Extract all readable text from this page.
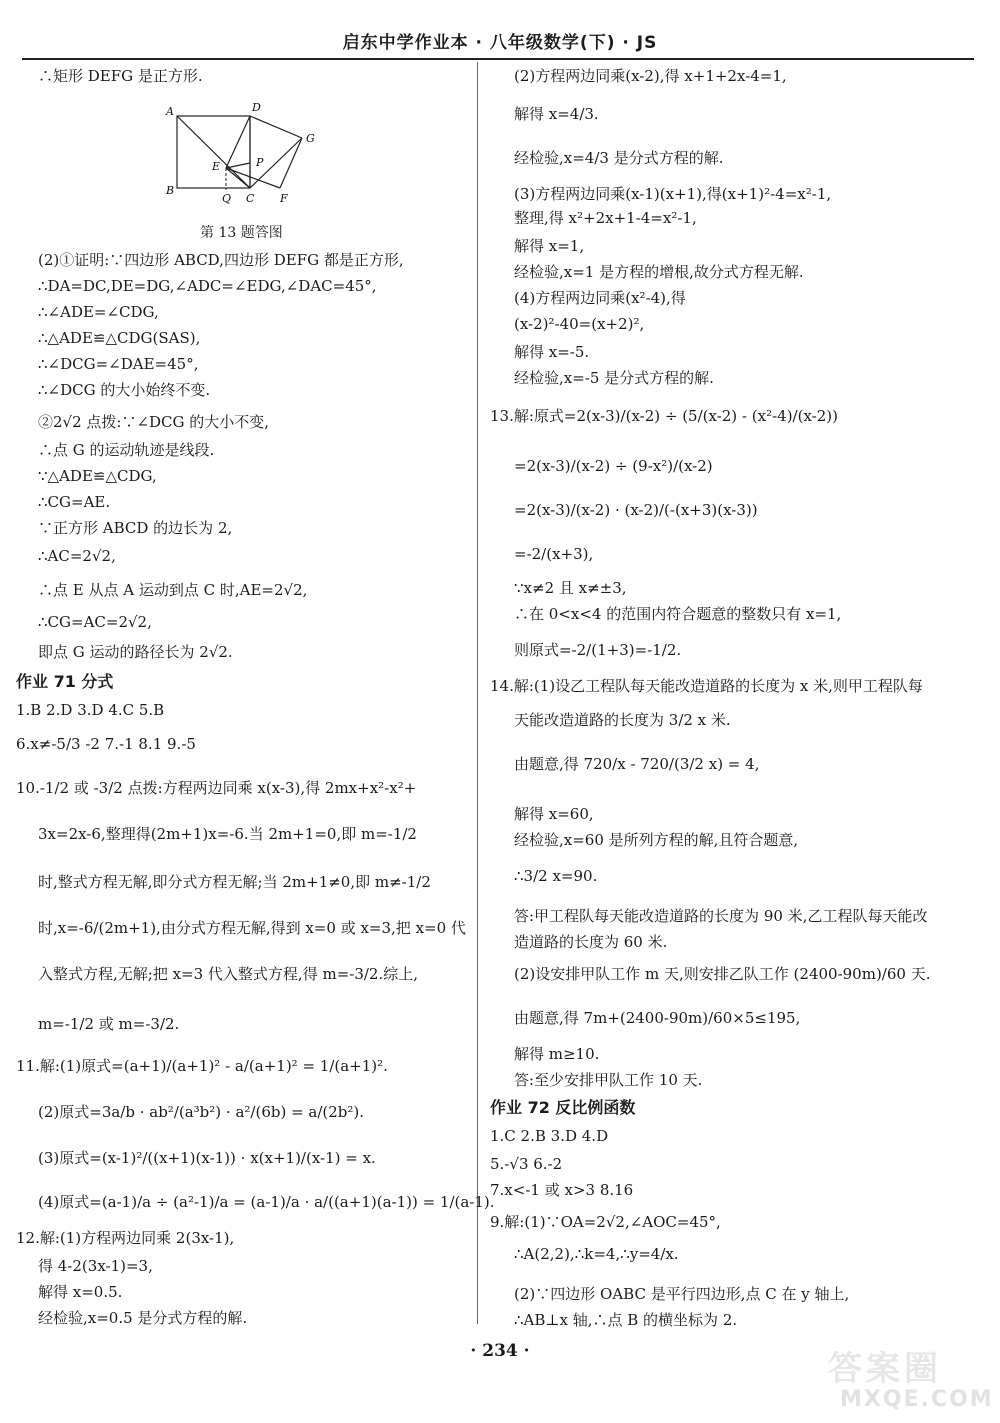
启东中学作业本 · 八年级数学(下) · JS
A	D
G
E	P
B
Q C F
第 13 题答图
∴矩形 DEFG 是正方形.
(2)①证明:∵四边形 ABCD,四边形 DEFG 都是正方形,
∴DA=DC,DE=DG,∠ADC=∠EDG,∠DAC=45°,
∴∠ADE=∠CDG,
∴△ADE≌△CDG(SAS),
∴∠DCG=∠DAE=45°,
∴∠DCG 的大小始终不变.
②2√2 点拨:∵∠DCG 的大小不变,
∴点 G 的运动轨迹是线段.
∵△ADE≌△CDG,
∴CG=AE.
∵正方形 ABCD 的边长为 2,
∴AC=2√2,
∴点 E 从点 A 运动到点 C 时,AE=2√2,
∴CG=AC=2√2,
即点 G 运动的路径长为 2√2.
作业 71 分式
1.B 2.D 3.D 4.C 5.B
6.x≠-5/3 -2 7.-1 8.1 9.-5
10.-1/2 或 -3/2 点拨:方程两边同乘 x(x-3),得 2mx+x²-x²+
3x=2x-6,整理得(2m+1)x=-6.当 2m+1=0,即 m=-1/2
时,整式方程无解,即分式方程无解;当 2m+1≠0,即 m≠-1/2
时,x=-6/(2m+1),由分式方程无解,得到 x=0 或 x=3,把 x=0 代
入整式方程,无解;把 x=3 代入整式方程,得 m=-3/2.综上,
m=-1/2 或 m=-3/2.
11.解:(1)原式=(a+1)/(a+1)² - a/(a+1)² = 1/(a+1)².
(2)原式=3a/b · ab²/(a³b²) · a²/(6b) = a/(2b²).
(3)原式=(x-1)²/((x+1)(x-1)) · x(x+1)/(x-1) = x.
(4)原式=(a-1)/a ÷ (a²-1)/a = (a-1)/a · a/((a+1)(a-1)) = 1/(a-1).
12.解:(1)方程两边同乘 2(3x-1),
得 4-2(3x-1)=3,
解得 x=0.5.
经检验,x=0.5 是分式方程的解.
(2)方程两边同乘(x-2),得 x+1+2x-4=1,
解得 x=4/3.
经检验,x=4/3 是分式方程的解.
(3)方程两边同乘(x-1)(x+1),得(x+1)²-4=x²-1,
整理,得 x²+2x+1-4=x²-1,
解得 x=1,
经检验,x=1 是方程的增根,故分式方程无解.
(4)方程两边同乘(x²-4),得
(x-2)²-40=(x+2)²,
解得 x=-5.
经检验,x=-5 是分式方程的解.
13.解:原式=2(x-3)/(x-2) ÷ (5/(x-2) - (x²-4)/(x-2))
=2(x-3)/(x-2) ÷ (9-x²)/(x-2)
=2(x-3)/(x-2) · (x-2)/(-(x+3)(x-3))
=-2/(x+3),
∵x≠2 且 x≠±3,
∴在 0<x<4 的范围内符合题意的整数只有 x=1,
则原式=-2/(1+3)=-1/2.
14.解:(1)设乙工程队每天能改造道路的长度为 x 米,则甲工程队每
天能改造道路的长度为 3/2 x 米.
由题意,得 720/x - 720/(3/2 x) = 4,
解得 x=60,
经检验,x=60 是所列方程的解,且符合题意,
∴3/2 x=90.
答:甲工程队每天能改造道路的长度为 90 米,乙工程队每天能改
造道路的长度为 60 米.
(2)设安排甲队工作 m 天,则安排乙队工作 (2400-90m)/60 天.
由题意,得 7m+(2400-90m)/60×5≤195,
解得 m≥10.
答:至少安排甲队工作 10 天.
作业 72 反比例函数
1.C 2.B 3.D 4.D
5.-√3 6.-2
7.x<-1 或 x>3 8.16
9.解:(1)∵OA=2√2,∠AOC=45°,
∴A(2,2),∴k=4,∴y=4/x.
(2)∵四边形 OABC 是平行四边形,点 C 在 y 轴上,
∴AB⊥x 轴,∴点 B 的横坐标为 2.
· 234 ·	答案圈
MXQE.COM
